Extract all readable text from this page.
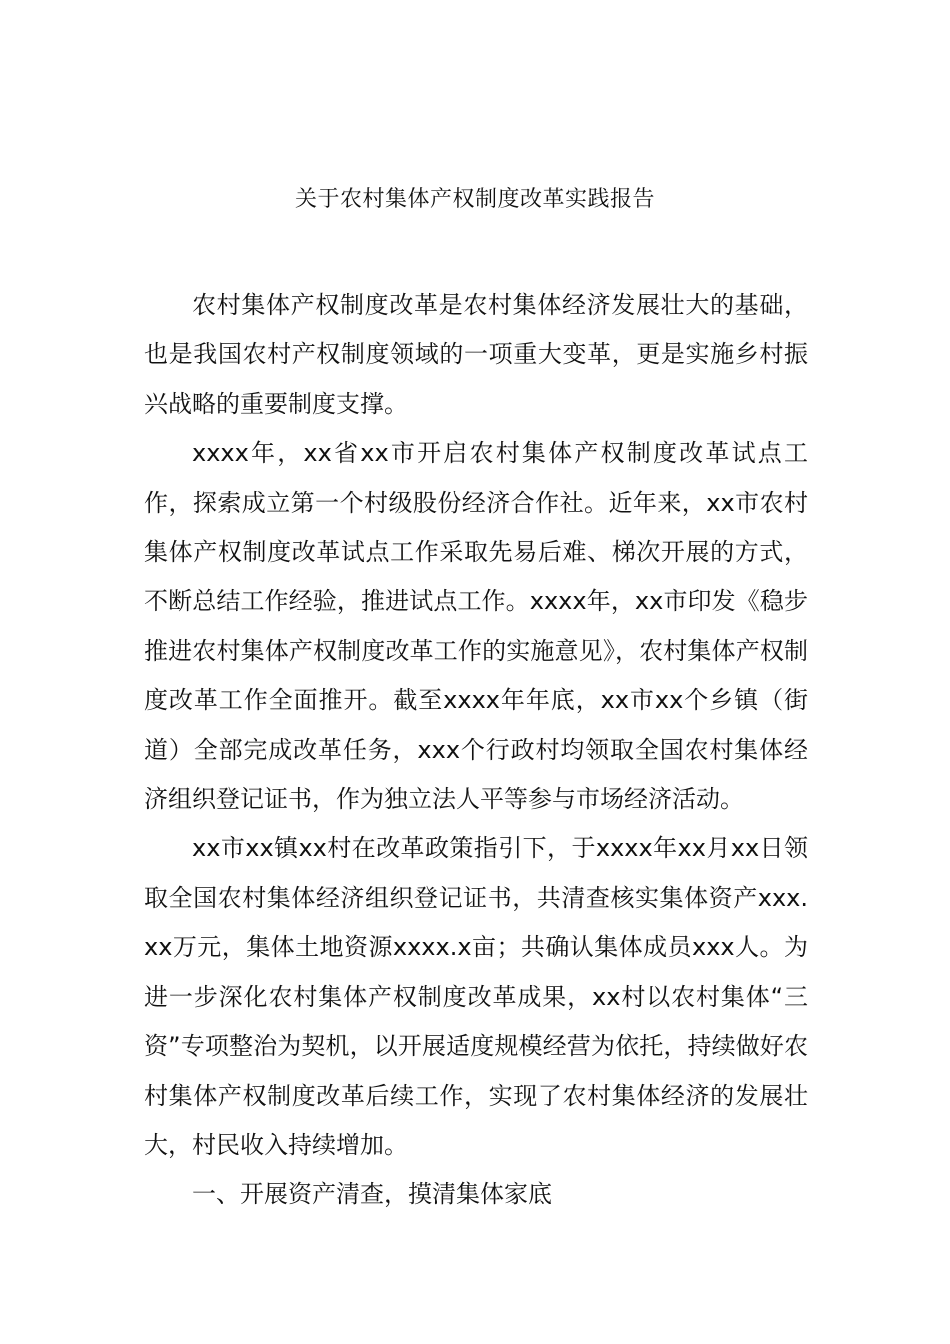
关于农村集体产权制度改革实践报告

农村集体产权制度改革是农村集体经济发展壮大的基础，也是我国农村产权制度领域的一项重大变革，更是实施乡村振兴战略的重要制度支撑。

xxxx年，xx省xx市开启农村集体产权制度改革试点工作，探索成立第一个村级股份经济合作社。近年来，xx市农村集体产权制度改革试点工作采取先易后难、梯次开展的方式，不断总结工作经验，推进试点工作。xxxx年，xx市印发《稳步推进农村集体产权制度改革工作的实施意见》，农村集体产权制度改革工作全面推开。截至xxxx年年底，xx市xx个乡镇（街道）全部完成改革任务，xxx个行政村均领取全国农村集体经济组织登记证书，作为独立法人平等参与市场经济活动。

xx市xx镇xx村在改革政策指引下，于xxxx年xx月xx日领取全国农村集体经济组织登记证书，共清查核实集体资产xxx.xx万元，集体土地资源xxxx.x亩；共确认集体成员xxx人。为进一步深化农村集体产权制度改革成果，xx村以农村集体“三资”专项整治为契机，以开展适度规模经营为依托，持续做好农村集体产权制度改革后续工作，实现了农村集体经济的发展壮大，村民收入持续增加。

一、开展资产清查，摸清集体家底
